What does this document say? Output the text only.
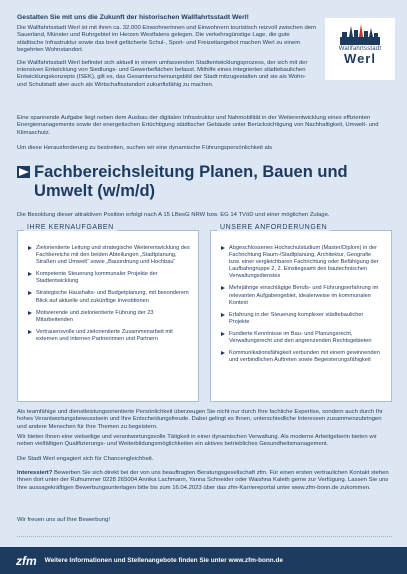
Gestalten Sie mit uns die Zukunft der historischen Wallfahrtsstadt Werl!

Die Wallfahrtsstadt Werl ist mit ihren ca. 32.000 Einwohnerinnen und Einwohnern touristisch reizvoll zwischen dem Sauerland, Münster und Ruhrgebiet im Herzen Westfalens gelegen. Die verkehrsgünstige Lage, die gute städtische Infrastruktur sowie das breit gefächerte Schul-, Sport- und Freizeitangebot machen Werl zu einem begehrten Wohnstandort.

Die Wallfahrtsstadt Werl befindet sich aktuell in einem umfassenden Stadtentwicklungsprozess, der sich mit der intensiven Entwicklung von Siedlungs- und Gewerbeflächen befasst. Mithilfe eines integrierten städtebaulichen Entwicklungskonzepts (ISEK), gilt es, das Gesamterscheinungsbild der Stadt mitzugestalten und sie als Wohn- und Schulstadt aber auch als Wirtschaftsstandort zukunftsfähig zu machen.

Wallfahrtsstadt
Werl

Eine spannende Aufgabe liegt neben dem Ausbau der digitalen Infrastruktur und Nahmobilität in der Weiterentwicklung eines effizienten Energiemanagements sowie der energetischen Ertüchtigung städtischer Gebäude unter Berücksichtigung von Nachhaltigkeit, Umwelt- und Klimaschutz.

Um diese Herausforderung zu bestreiten, suchen wir eine dynamische Führungspersönlichkeit als

Fachbereichsleitung Planen, Bauen und Umwelt (w/m/d)
Die Besoldung dieser attraktiven Position erfolgt nach A 15 LBesG NRW bzw. EG 14 TVöD und einer möglichen Zulage.
IHRE KERNAUFGABEN
Zielorientierte Leitung und strategische Weiterentwicklung des Fachbereichs mit den beiden Abteilungen „Stadtplanung, Straßen und Umwelt“ sowie „Bauordnung und Hochbau“
Kompetente Steuerung kommunaler Projekte der Stadtentwicklung
Strategische Haushalts- und Budgetplanung, mit besonderem Blick auf aktuelle und zukünftige Investitionen
Motivierende und zielorientierte Führung der 23 Mitarbeitenden
Vertrauensvolle und zielorientierte Zusammenarbeit mit externen und internen Partnerinnen und Partnern
UNSERE ANFORDERUNGEN
Abgeschlossenes Hochschulstudium (Master/Diplom) in der Fachrichtung Raum-/Stadtplanung, Architektur, Geografie bzw. einer vergleichbaren Fachrichtung oder Befähigung der Laufbahngruppe 2, 2. Einstiegsamt des bautechnischen Verwaltungsdienstes
Mehrjährige einschlägige Berufs- und Führungserfahrung im relevanten Aufgabengebiet, idealerweise im kommunalen Kontext
Erfahrung in der Steuerung komplexer städtebaulicher Projekte
Fundierte Kenntnisse im Bau- und Planungsrecht, Verwaltungsrecht und den angrenzenden Rechtsgebieten
Kommunikationsfähigkeit verbunden mit einem gewinnenden und verbindlichen Auftreten sowie Begeisterungsfähigkeit

Als teamfähige und dienstleistungsorientierte Persönlichkeit überzeugen Sie nicht nur durch Ihre fachliche Expertise, sondern auch durch Ihr hohes Verantwortungsbewusstsein und Ihre Entscheidungsfreude. Dabei gelingt es Ihnen, unterschiedliche Interessen zusammenzubringen und andere Menschen für Ihre Themen zu begeistern.

Wir bieten Ihnen eine vielseitige und verantwortungsvolle Tätigkeit in einer dynamischen Verwaltung. Als moderne Arbeitgeberin bieten wir neben vielfältigen Qualifizierungs- und Weiterbildungsmöglichkeiten ein aktives betriebliches Gesundheitsmanagement.

Die Stadt Werl engagiert sich für Chancengleichheit.

Interessiert? Bewerben Sie sich direkt bei der von uns beauftragten Beratungsgesellschaft zfm. Für einen ersten vertraulichen Kontakt stehen Ihnen dort unter der Rufnummer 0228 265004 Annika Lachmann, Yanna Schneider oder Waishna Kaleth gerne zur Verfügung. Lassen Sie uns Ihre aussagekräftigen Bewerbungsunterlagen bitte bis zum 16.04.2023 über das zfm-Karriereportal unter www.zfm-bonn.de zukommen.

Wir freuen uns auf Ihre Bewerbung!

zfm Weitere Informationen und Stellenangebote finden Sie unter www.zfm-bonn.de
